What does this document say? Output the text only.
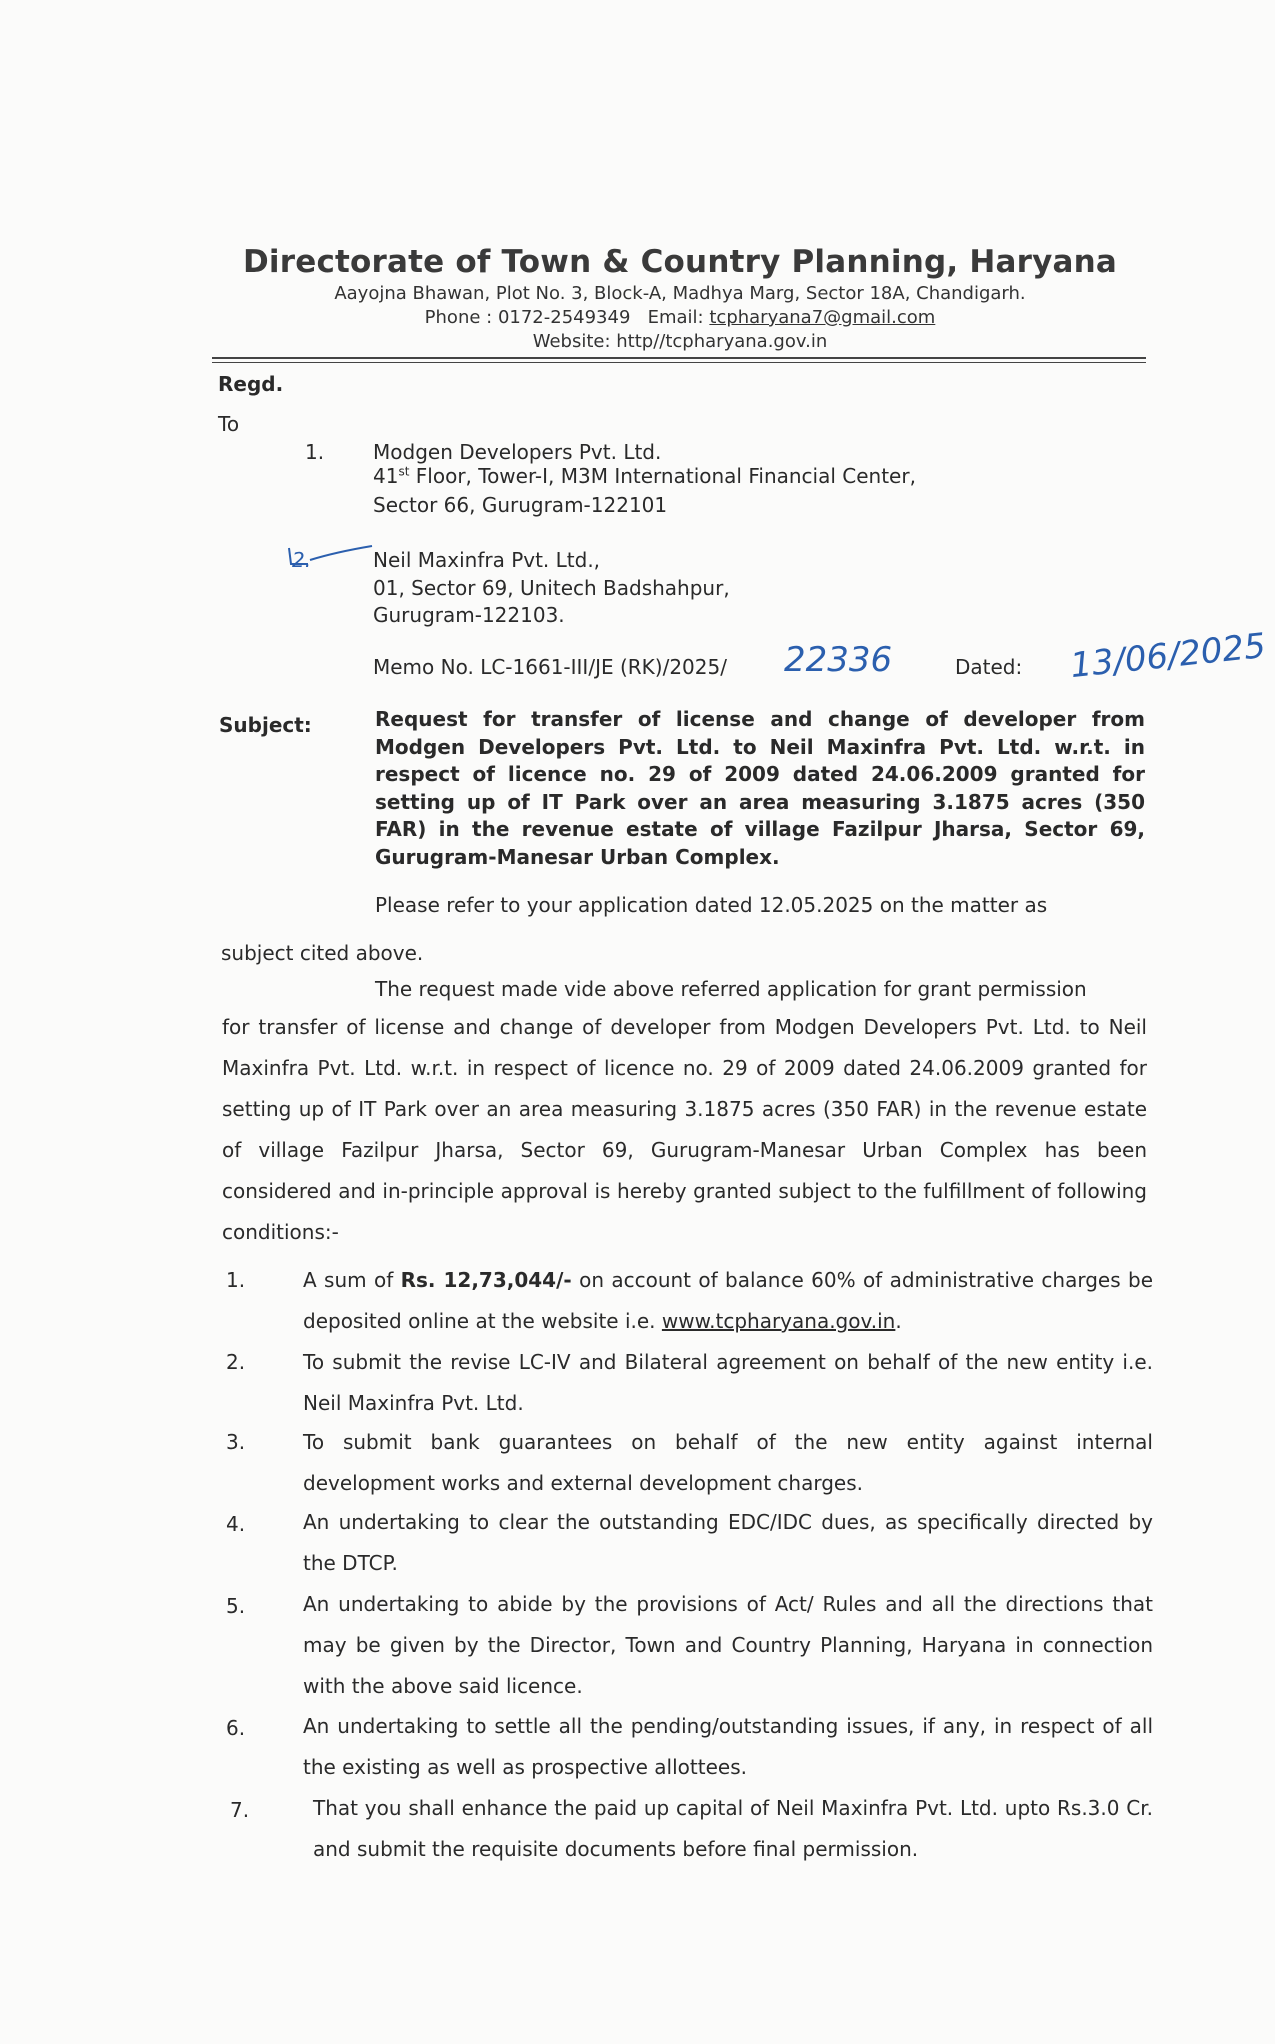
Directorate of Town & Country Planning, Haryana
Aayojna Bhawan, Plot No. 3, Block-A, Madhya Marg, Sector 18A, Chandigarh.
Phone : 0172-2549349 Email: tcpharyana7@gmail.com
Website: http//tcpharyana.gov.in
Regd.
To
1. Modgen Developers Pvt. Ltd.
41st Floor, Tower-I, M3M International Financial Center,
Sector 66, Gurugram-122101
2.	Neil Maxinfra Pvt. Ltd.,
01, Sector 69, Unitech Badshahpur,
Gurugram-122103.
Memo No. LC-1661-III/JE (RK)/2025/ 22336	Dated: 13/06/2025
Subject:	Request for transfer of license and change of developer from Modgen Developers Pvt. Ltd. to Neil Maxinfra Pvt. Ltd. w.r.t. in respect of licence no. 29 of 2009 dated 24.06.2009 granted for setting up of IT Park over an area measuring 3.1875 acres (350 FAR) in the revenue estate of village Fazilpur Jharsa, Sector 69, Gurugram-Manesar Urban Complex.
Please refer to your application dated 12.05.2025 on the matter as
subject cited above.
The request made vide above referred application for grant permission
for transfer of license and change of developer from Modgen Developers Pvt. Ltd. to Neil Maxinfra Pvt. Ltd. w.r.t. in respect of licence no. 29 of 2009 dated 24.06.2009 granted for setting up of IT Park over an area measuring 3.1875 acres (350 FAR) in the revenue estate of village Fazilpur Jharsa, Sector 69, Gurugram-Manesar Urban Complex has been considered and in-principle approval is hereby granted subject to the fulfillment of following conditions:-
1.	A sum of Rs. 12,73,044/- on account of balance 60% of administrative charges be deposited online at the website i.e. www.tcpharyana.gov.in.
2.	To submit the revise LC-IV and Bilateral agreement on behalf of the new entity i.e. Neil Maxinfra Pvt. Ltd.
3.	To submit bank guarantees on behalf of the new entity against internal development works and external development charges.
4.	An undertaking to clear the outstanding EDC/IDC dues, as specifically directed by the DTCP.
5.	An undertaking to abide by the provisions of Act/ Rules and all the directions that may be given by the Director, Town and Country Planning, Haryana in connection with the above said licence.
6.	An undertaking to settle all the pending/outstanding issues, if any, in respect of all the existing as well as prospective allottees.
7.	That you shall enhance the paid up capital of Neil Maxinfra Pvt. Ltd. upto Rs.3.0 Cr. and submit the requisite documents before final permission.
